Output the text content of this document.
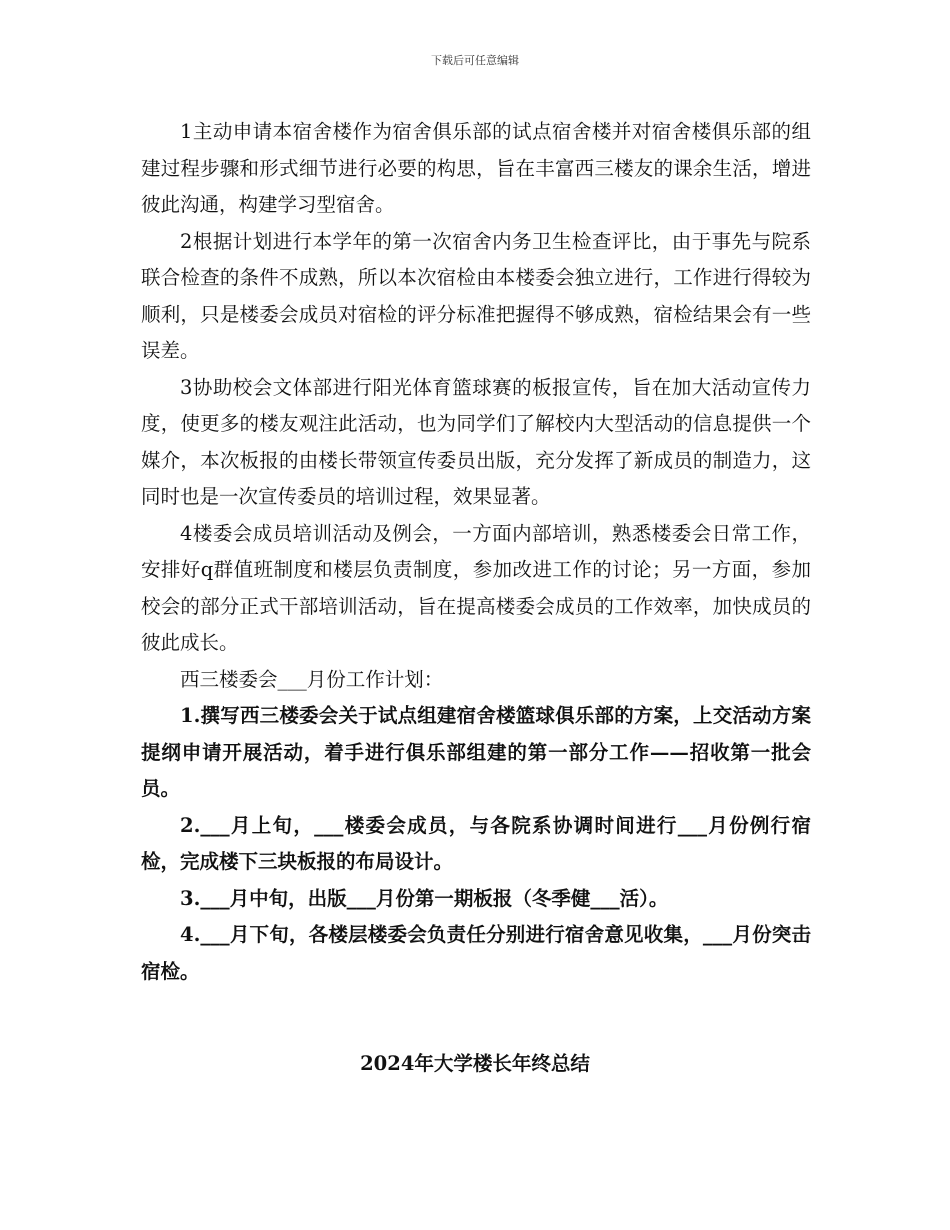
下载后可任意编辑

1主动申请本宿舍楼作为宿舍俱乐部的试点宿舍楼并对宿舍楼俱乐部的组建过程步骤和形式细节进行必要的构思，旨在丰富西三楼友的课余生活，增进彼此沟通，构建学习型宿舍。

2根据计划进行本学年的第一次宿舍内务卫生检查评比，由于事先与院系联合检查的条件不成熟，所以本次宿检由本楼委会独立进行，工作进行得较为顺利，只是楼委会成员对宿检的评分标准把握得不够成熟，宿检结果会有一些误差。

3协助校会文体部进行阳光体育篮球赛的板报宣传，旨在加大活动宣传力度，使更多的楼友观注此活动，也为同学们了解校内大型活动的信息提供一个媒介，本次板报的由楼长带领宣传委员出版，充分发挥了新成员的制造力，这同时也是一次宣传委员的培训过程，效果显著。

4楼委会成员培训活动及例会，一方面内部培训，熟悉楼委会日常工作，安排好q群值班制度和楼层负责制度，参加改进工作的讨论；另一方面，参加校会的部分正式干部培训活动，旨在提高楼委会成员的工作效率，加快成员的彼此成长。

西三楼委会___月份工作计划：

1.撰写西三楼委会关于试点组建宿舍楼篮球俱乐部的方案，上交活动方案提纲申请开展活动，着手进行俱乐部组建的第一部分工作——招收第一批会员。

2.___月上旬，___楼委会成员，与各院系协调时间进行___月份例行宿检，完成楼下三块板报的布局设计。

3.___月中旬，出版___月份第一期板报（冬季健___活）。

4.___月下旬，各楼层楼委会负责任分别进行宿舍意见收集，___月份突击宿检。

2024年大学楼长年终总结
